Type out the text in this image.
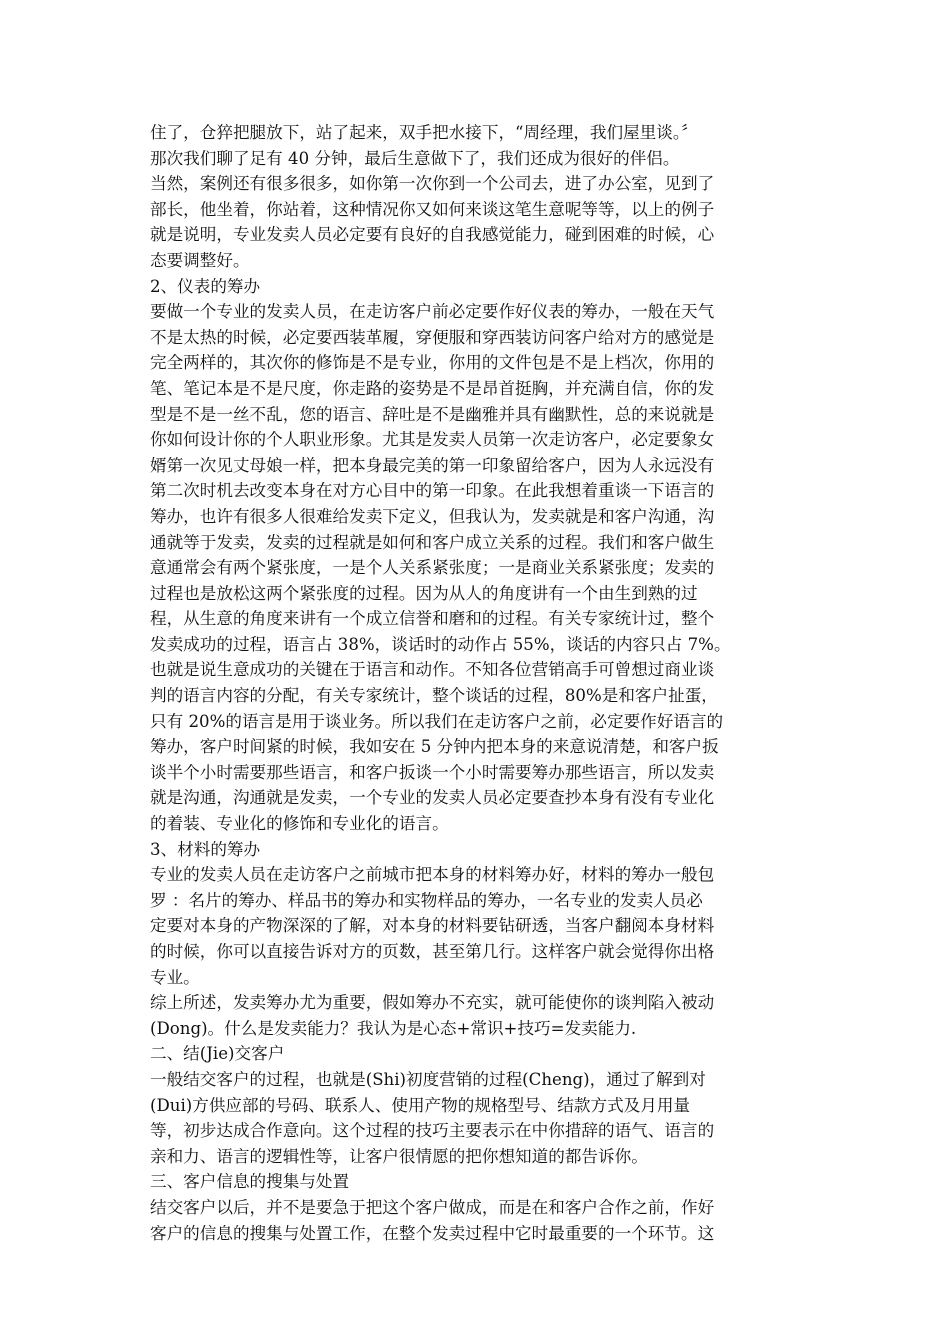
住了，仓猝把腿放下，站了起来，双手把水接下，“周经理，我们屋里谈。〞

那次我们聊了足有 40 分钟，最后生意做下了，我们还成为很好的伴侣。

当然，案例还有很多很多，如你第一次你到一个公司去，进了办公室，见到了

部长，他坐着，你站着，这种情况你又如何来谈这笔生意呢等等，以上的例子

就是说明，专业发卖人员必定要有良好的自我感觉能力，碰到困难的时候，心

态要调整好。

2、仪表的筹办

要做一个专业的发卖人员，在走访客户前必定要作好仪表的筹办，一般在天气

不是太热的时候，必定要西装革履，穿便服和穿西装访问客户给对方的感觉是

完全两样的，其次你的修饰是不是专业，你用的文件包是不是上档次，你用的

笔、笔记本是不是尺度，你走路的姿势是不是昂首挺胸，并充满自信，你的发

型是不是一丝不乱，您的语言、辞吐是不是幽雅并具有幽默性，总的来说就是

你如何设计你的个人职业形象。尤其是发卖人员第一次走访客户，必定要象女

婿第一次见丈母娘一样，把本身最完美的第一印象留给客户，因为人永远没有

第二次时机去改变本身在对方心目中的第一印象。在此我想着重谈一下语言的

筹办，也许有很多人很难给发卖下定义，但我认为，发卖就是和客户沟通，沟

通就等于发卖，发卖的过程就是如何和客户成立关系的过程。我们和客户做生

意通常会有两个紧张度，一是个人关系紧张度；一是商业关系紧张度；发卖的

过程也是放松这两个紧张度的过程。因为从人的角度讲有一个由生到熟的过

程，从生意的角度来讲有一个成立信誉和磨和的过程。有关专家统计过，整个

发卖成功的过程，语言占 38%，谈话时的动作占 55%，谈话的内容只占 7%。

也就是说生意成功的关键在于语言和动作。不知各位营销高手可曾想过商业谈

判的语言内容的分配，有关专家统计，整个谈话的过程，80%是和客户扯蛋，

只有 20%的语言是用于谈业务。所以我们在走访客户之前，必定要作好语言的

筹办，客户时间紧的时候，我如安在 5 分钟内把本身的来意说清楚，和客户扳

谈半个小时需要那些语言，和客户扳谈一个小时需要筹办那些语言，所以发卖

就是沟通，沟通就是发卖，一个专业的发卖人员必定要查抄本身有没有专业化

的着装、专业化的修饰和专业化的语言。

3、材料的筹办

专业的发卖人员在走访客户之前城市把本身的材料筹办好，材料的筹办一般包

罗 ：名片的筹办、样品书的筹办和实物样品的筹办，一名专业的发卖人员必

定要对本身的产物深深的了解，对本身的材料要钻研透，当客户翻阅本身材料

的时候，你可以直接告诉对方的页数，甚至第几行。这样客户就会觉得你出格

专业。

综上所述，发卖筹办尤为重要，假如筹办不充实，就可能使你的谈判陷入被动

(Dong)。什么是发卖能力？我认为是心态+常识+技巧=发卖能力.

二、结(Jie)交客户

一般结交客户的过程，也就是(Shi)初度营销的过程(Cheng)，通过了解到对

(Dui)方供应部的号码、联系人、使用产物的规格型号、结款方式及月用量

等，初步达成合作意向。这个过程的技巧主要表示在中你措辞的语气、语言的

亲和力、语言的逻辑性等，让客户很情愿的把你想知道的都告诉你。

三、客户信息的搜集与处置

结交客户以后，并不是要急于把这个客户做成，而是在和客户合作之前，作好

客户的信息的搜集与处置工作，在整个发卖过程中它时最重要的一个环节。这
